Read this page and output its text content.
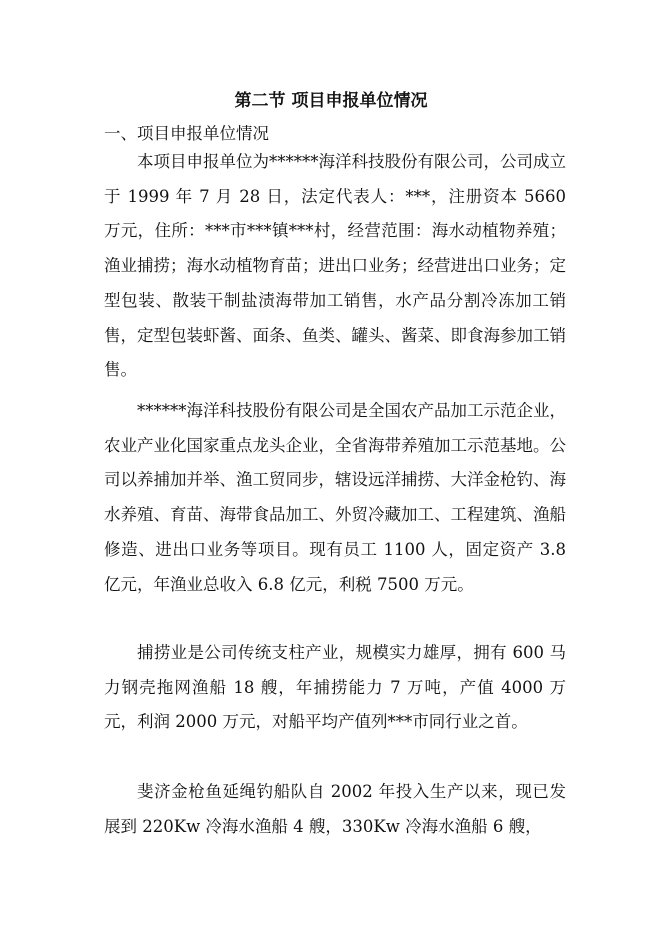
第二节 项目申报单位情况
一、项目申报单位情况

本项目申报单位为******海洋科技股份有限公司，公司成立于 1999 年 7 月 28 日，法定代表人：***，注册资本 5660 万元，住所：***市***镇***村，经营范围：海水动植物养殖；渔业捕捞；海水动植物育苗；进出口业务；经营进出口业务；定型包装、散装干制盐渍海带加工销售，水产品分割冷冻加工销售，定型包装虾酱、面条、鱼类、罐头、酱菜、即食海参加工销售。

******海洋科技股份有限公司是全国农产品加工示范企业，农业产业化国家重点龙头企业，全省海带养殖加工示范基地。公司以养捕加并举、渔工贸同步，辖设远洋捕捞、大洋金枪钓、海水养殖、育苗、海带食品加工、外贸冷藏加工、工程建筑、渔船修造、进出口业务等项目。现有员工 1100 人，固定资产 3.8 亿元，年渔业总收入 6.8 亿元，利税 7500 万元。

捕捞业是公司传统支柱产业，规模实力雄厚，拥有 600 马力钢壳拖网渔船 18 艘，年捕捞能力 7 万吨，产值 4000 万元，利润 2000 万元，对船平均产值列***市同行业之首。

斐济金枪鱼延绳钓船队自 2002 年投入生产以来，现已发展到 220Kw 冷海水渔船 4 艘，330Kw 冷海水渔船 6 艘，
